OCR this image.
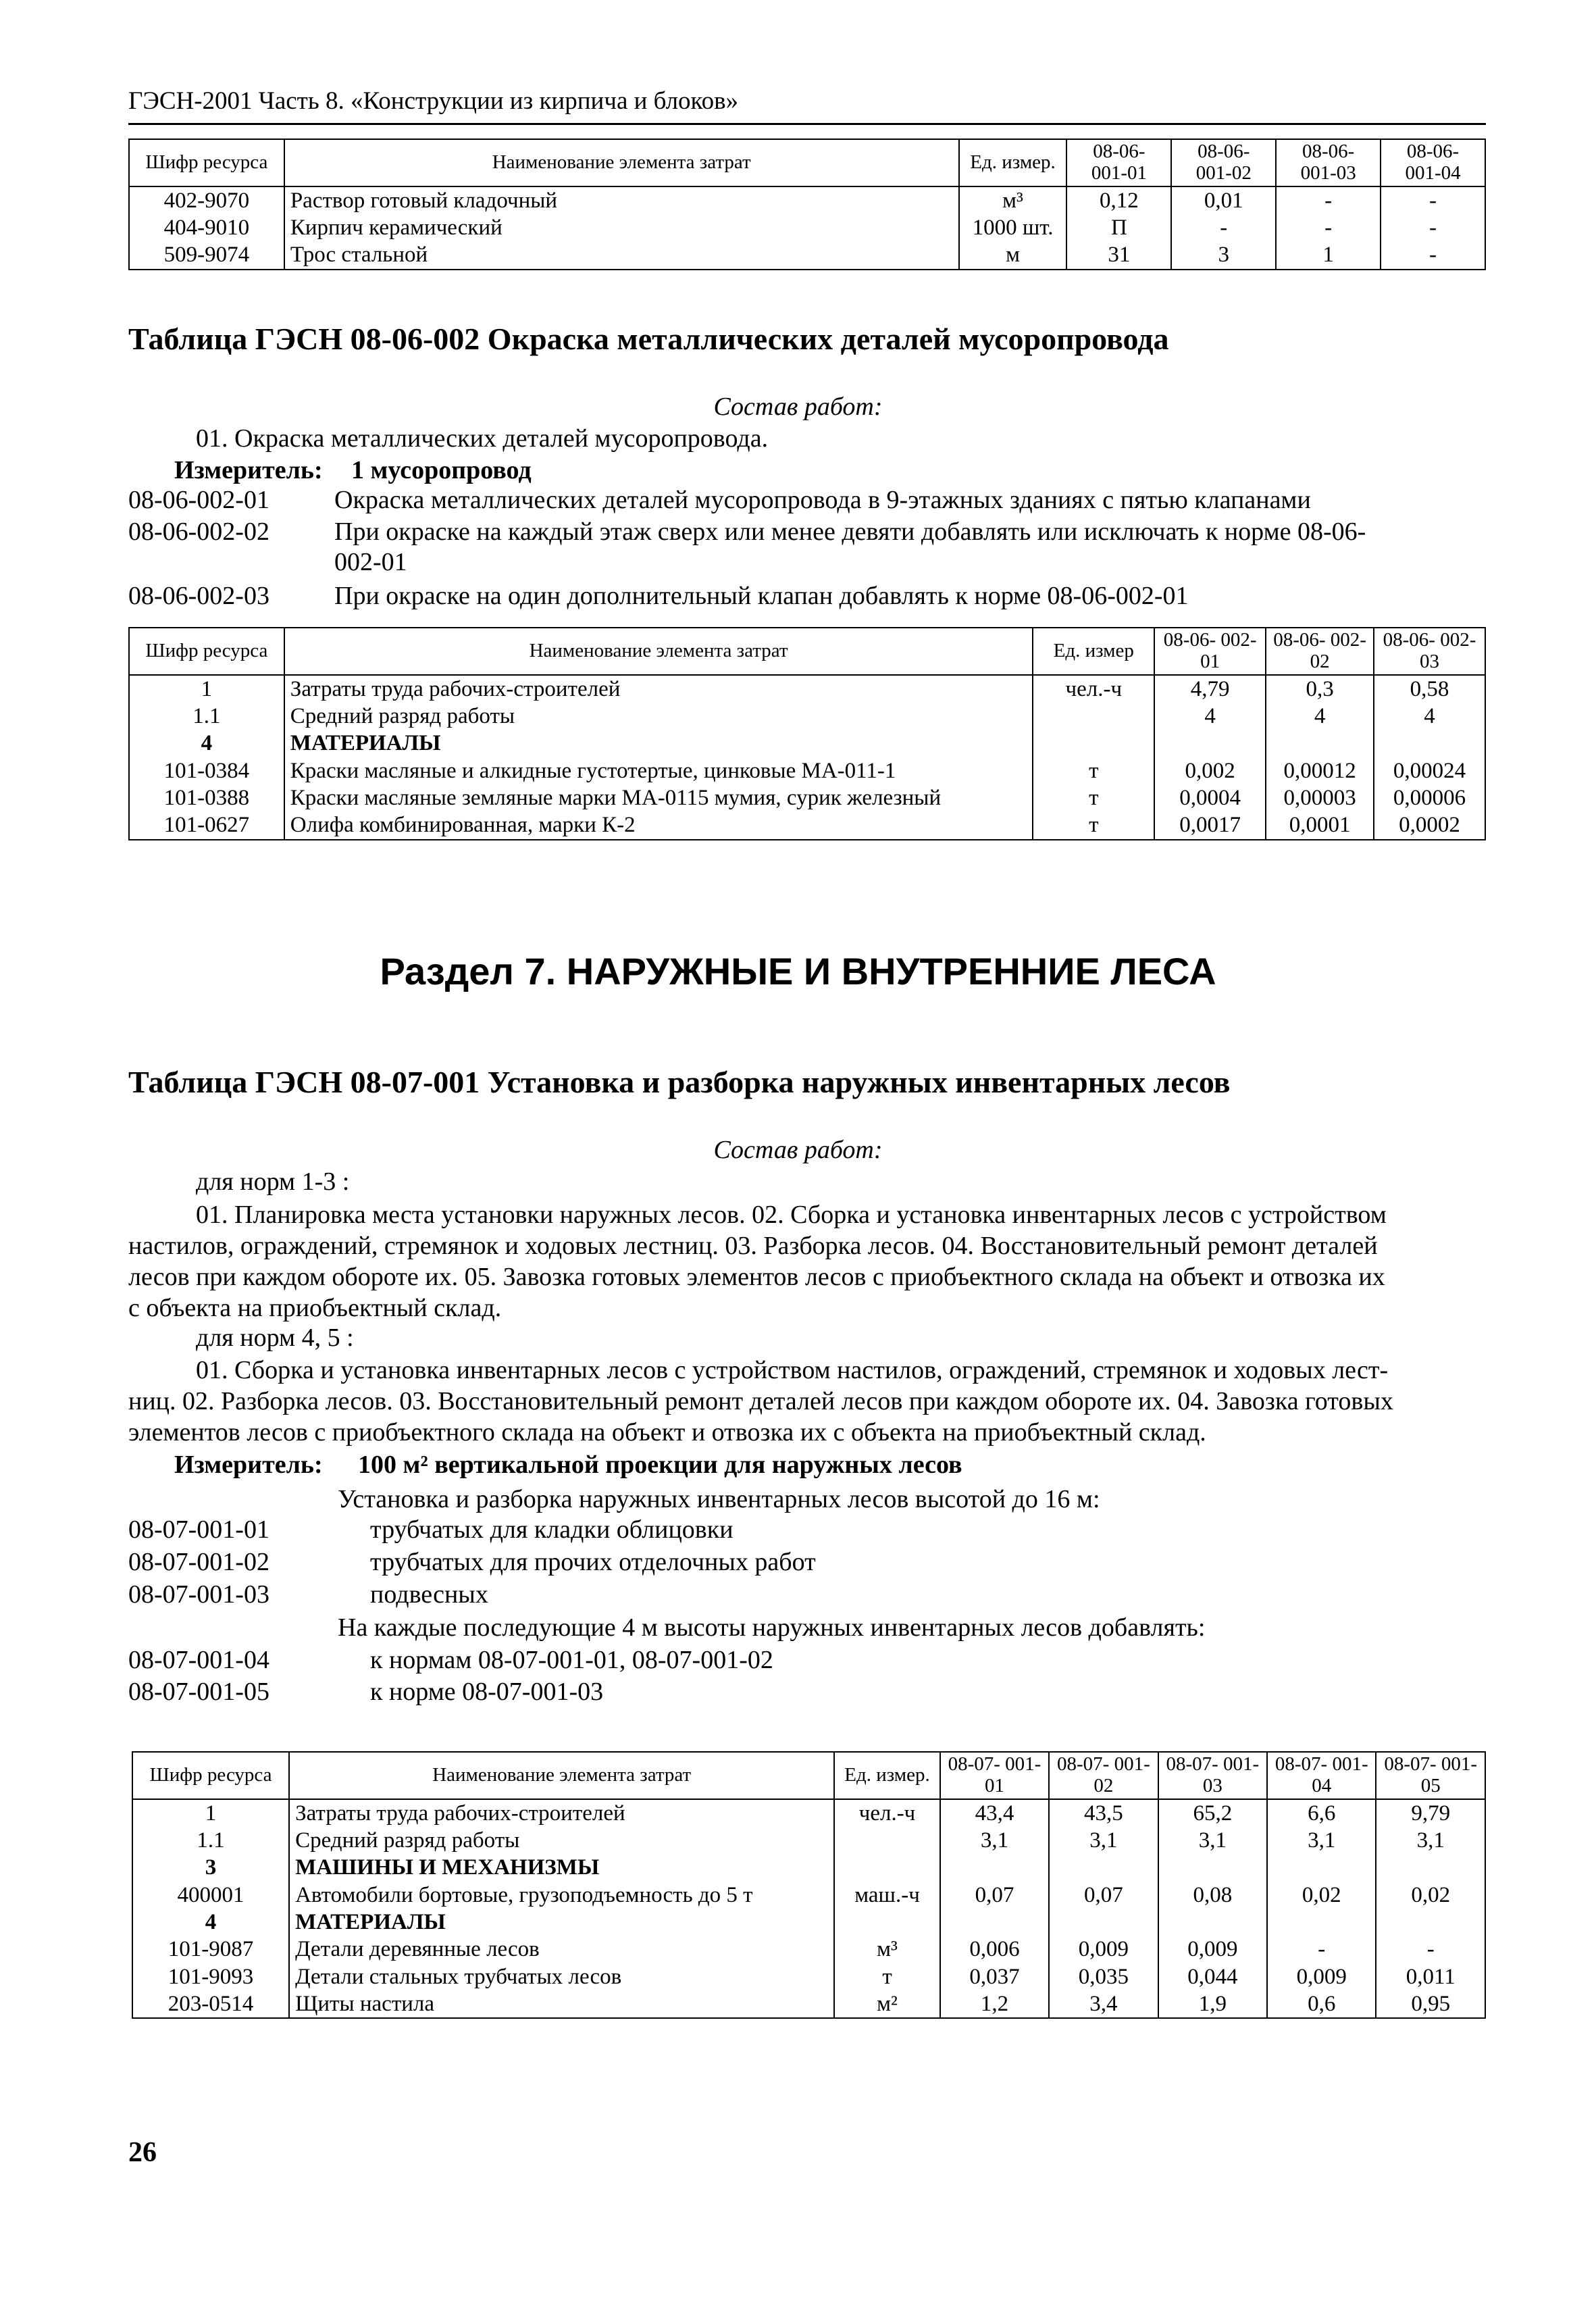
ГЭСН-2001 Часть 8. «Конструкции из кирпича и блоков»
Шифр ресурса	Наименование элемента затрат	Ед. измер.	08-06- 001-01	08-06- 001-02	08-06- 001-03	08-06- 001-04
402-9070	Раствор готовый кладочный	м³	0,12	0,01	-	-
404-9010	Кирпич керамический	1000 шт.	П	-	-	-
509-9074	Трос стальной	м	31	3	1	-
Таблица ГЭСН 08-06-002 Окраска металлических деталей мусоропровода
Состав работ:
01. Окраска металлических деталей мусоропровода.
Измеритель: 1 мусоропровод
08-06-002-01	Окраска металлических деталей мусоропровода в 9-этажных зданиях с пятью клапанами
08-06-002-02	При окраске на каждый этаж сверх или менее девяти добавлять или исключать к норме 08-06-
002-01
08-06-002-03	При окраске на один дополнительный клапан добавлять к норме 08-06-002-01
Шифр ресурса	Наименование элемента затрат	Ед. измер	08-06- 002-01	08-06- 002-02	08-06- 002-03
1	Затраты труда рабочих-строителей	чел.-ч	4,79	0,3	0,58
1.1	Средний разряд работы		4	4	4
4	МАТЕРИАЛЫ				
101-0384	Краски масляные и алкидные густотертые, цинковые МА-011-1	т	0,002	0,00012	0,00024
101-0388	Краски масляные земляные марки МА-0115 мумия, сурик железный	т	0,0004	0,00003	0,00006
101-0627	Олифа комбинированная, марки К-2	т	0,0017	0,0001	0,0002
Раздел 7. НАРУЖНЫЕ И ВНУТРЕННИЕ ЛЕСА
Таблица ГЭСН 08-07-001 Установка и разборка наружных инвентарных лесов
Состав работ:
для норм 1-3 :
01. Планировка места установки наружных лесов. 02. Сборка и установка инвентарных лесов с устройством
настилов, ограждений, стремянок и ходовых лестниц. 03. Разборка лесов. 04. Восстановительный ремонт деталей
лесов при каждом обороте их. 05. Завозка готовых элементов лесов с приобъектного склада на объект и отвозка их
с объекта на приобъектный склад.
для норм 4, 5 :
01. Сборка и установка инвентарных лесов с устройством настилов, ограждений, стремянок и ходовых лест-
ниц. 02. Разборка лесов. 03. Восстановительный ремонт деталей лесов при каждом обороте их. 04. Завозка готовых
элементов лесов с приобъектного склада на объект и отвозка их с объекта на приобъектный склад.
Измеритель: 100 м² вертикальной проекции для наружных лесов
Установка и разборка наружных инвентарных лесов высотой до 16 м:
08-07-001-01	трубчатых для кладки облицовки
08-07-001-02	трубчатых для прочих отделочных работ
08-07-001-03	подвесных
На каждые последующие 4 м высоты наружных инвентарных лесов добавлять:
08-07-001-04	к нормам 08-07-001-01, 08-07-001-02
08-07-001-05	к норме 08-07-001-03
Шифр ресурса	Наименование элемента затрат	Ед. измер.	08-07- 001-01	08-07- 001-02	08-07- 001-03	08-07- 001-04	08-07- 001-05
1	Затраты труда рабочих-строителей	чел.-ч	43,4	43,5	65,2	6,6	9,79
1.1	Средний разряд работы		3,1	3,1	3,1	3,1	3,1
3	МАШИНЫ И МЕХАНИЗМЫ						
400001	Автомобили бортовые, грузоподъемность до 5 т	маш.-ч	0,07	0,07	0,08	0,02	0,02
4	МАТЕРИАЛЫ						
101-9087	Детали деревянные лесов	м³	0,006	0,009	0,009	-	-
101-9093	Детали стальных трубчатых лесов	т	0,037	0,035	0,044	0,009	0,011
203-0514	Щиты настила	м²	1,2	3,4	1,9	0,6	0,95
26
